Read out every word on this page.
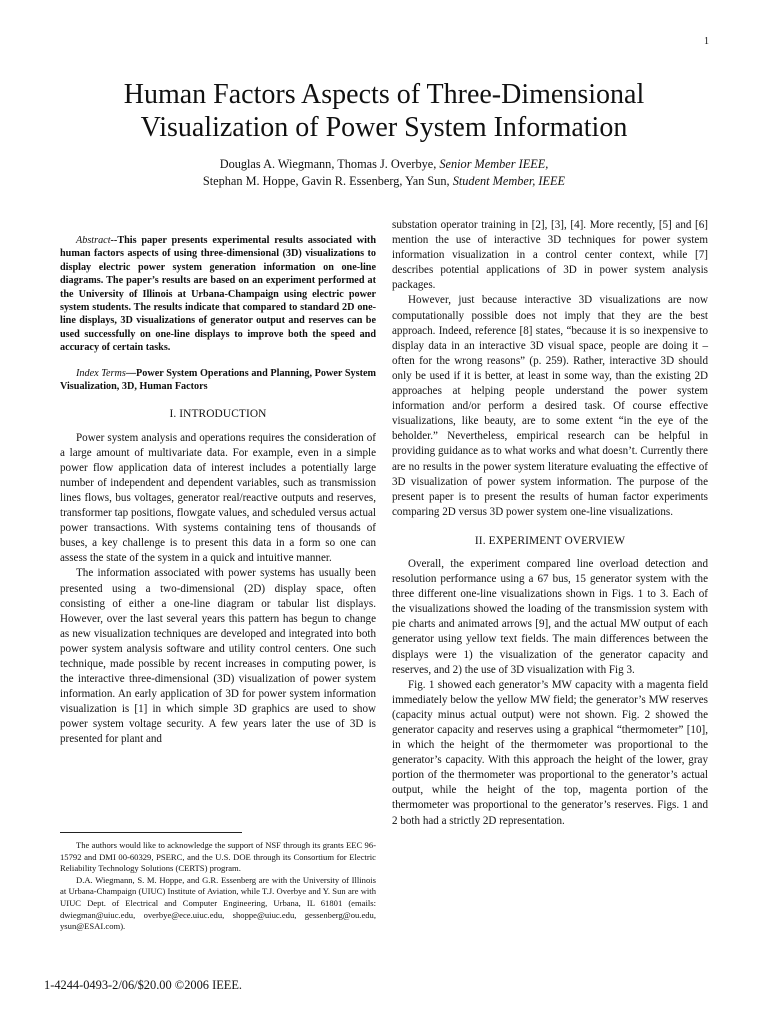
1
Human Factors Aspects of Three-Dimensional
Visualization of Power System Information

Douglas A. Wiegmann, Thomas J. Overbye, Senior Member IEEE,

Stephan M. Hoppe, Gavin R. Essenberg, Yan Sun, Student Member, IEEE

Abstract--This paper presents experimental results associated with human factors aspects of using three-dimensional (3D) visualizations to display electric power system generation information on one-line diagrams. The paper’s results are based on an experiment performed at the University of Illinois at Urbana-Champaign using electric power system students. The results indicate that compared to standard 2D one-line displays, 3D visualizations of generator output and reserves can be used successfully on one-line displays to improve both the speed and accuracy of certain tasks.

Index Terms—Power System Operations and Planning, Power System Visualization, 3D, Human Factors

I. INTRODUCTION

Power system analysis and operations requires the consideration of a large amount of multivariate data. For example, even in a simple power flow application data of interest includes a potentially large number of independent and dependent variables, such as transmission lines flows, bus voltages, generator real/reactive outputs and reserves, transformer tap positions, flowgate values, and scheduled versus actual power transactions. With systems containing tens of thousands of buses, a key challenge is to present this data in a form so one can assess the state of the system in a quick and intuitive manner.

The information associated with power systems has usually been presented using a two-dimensional (2D) display space, often consisting of either a one-line diagram or tabular list displays. However, over the last several years this pattern has begun to change as new visualization techniques are developed and integrated into both power system analysis software and utility control centers. One such technique, made possible by recent increases in computing power, is the interactive three-dimensional (3D) visualization of power system information. An early application of 3D for power system information visualization is [1] in which simple 3D graphics are used to show power system voltage security. A few years later the use of 3D is presented for plant and

substation operator training in [2], [3], [4]. More recently, [5] and [6] mention the use of interactive 3D techniques for power system information visualization in a control center context, while [7] describes potential applications of 3D in power system analysis packages.

However, just because interactive 3D visualizations are now computationally possible does not imply that they are the best approach. Indeed, reference [8] states, “because it is so inexpensive to display data in an interactive 3D visual space, people are doing it – often for the wrong reasons” (p. 259). Rather, interactive 3D should only be used if it is better, at least in some way, than the existing 2D approaches at helping people understand the power system information and/or perform a desired task. Of course effective visualizations, like beauty, are to some extent “in the eye of the beholder.” Nevertheless, empirical research can be helpful in providing guidance as to what works and what doesn’t. Currently there are no results in the power system literature evaluating the effective of 3D visualization of power system information. The purpose of the present paper is to present the results of human factor experiments comparing 2D versus 3D power system one-line visualizations.

II. EXPERIMENT OVERVIEW

Overall, the experiment compared line overload detection and resolution performance using a 67 bus, 15 generator system with the three different one-line visualizations shown in Figs. 1 to 3. Each of the visualizations showed the loading of the transmission system with pie charts and animated arrows [9], and the actual MW output of each generator using yellow text fields. The main differences between the displays were 1) the visualization of the generator capacity and reserves, and 2) the use of 3D visualization with Fig 3.

Fig. 1 showed each generator’s MW capacity with a magenta field immediately below the yellow MW field; the generator’s MW reserves (capacity minus actual output) were not shown. Fig. 2 showed the generator capacity and reserves using a graphical “thermometer” [10], in which the height of the thermometer was proportional to the generator’s capacity. With this approach the height of the lower, gray portion of the thermometer was proportional to the generator’s actual output, while the height of the top, magenta portion of the thermometer was proportional to the generator’s reserves. Figs. 1 and 2 both had a strictly 2D representation.

The authors would like to acknowledge the support of NSF through its grants EEC 96-15792 and DMI 00-60329, PSERC, and the U.S. DOE through its Consortium for Electric Reliability Technology Solutions (CERTS) program.

D.A. Wiegmann, S. M. Hoppe, and G.R. Essenberg are with the University of Illinois at Urbana-Champaign (UIUC) Institute of Aviation, while T.J. Overbye and Y. Sun are with UIUC Dept. of Electrical and Computer Engineering, Urbana, IL 61801 (emails: dwiegman@uiuc.edu, overbye@ece.uiuc.edu, shoppe@uiuc.edu, gessenberg@ou.edu, ysun@ESAI.com).

1-4244-0493-2/06/$20.00 ©2006 IEEE.
